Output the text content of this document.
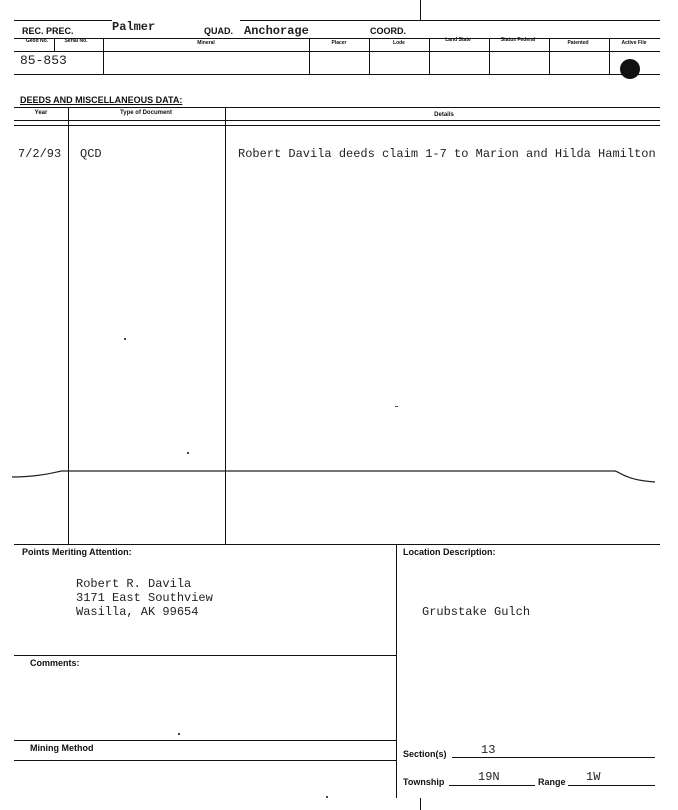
REC. PREC.	Palmer	QUAD. Anchorage	COORD.
Geod No.	Serial No.	Mineral	Placer	Lode	Land State	Status Federal	Patented	Active File
85-853
DEEDS AND MISCELLANEOUS DATA:
Year	Type of Document	Details
7/2/93 QCD	Robert Davila deeds claim 1-7 to Marion and Hilda Hamilton
Points Meriting Attention:
Robert R. Davila
3171 East Southview
Wasilla, AK 99654
Location Description:
Grubstake Gulch
Comments:
Mining Method
Section(s)	13
Township	19N	Range 1W
